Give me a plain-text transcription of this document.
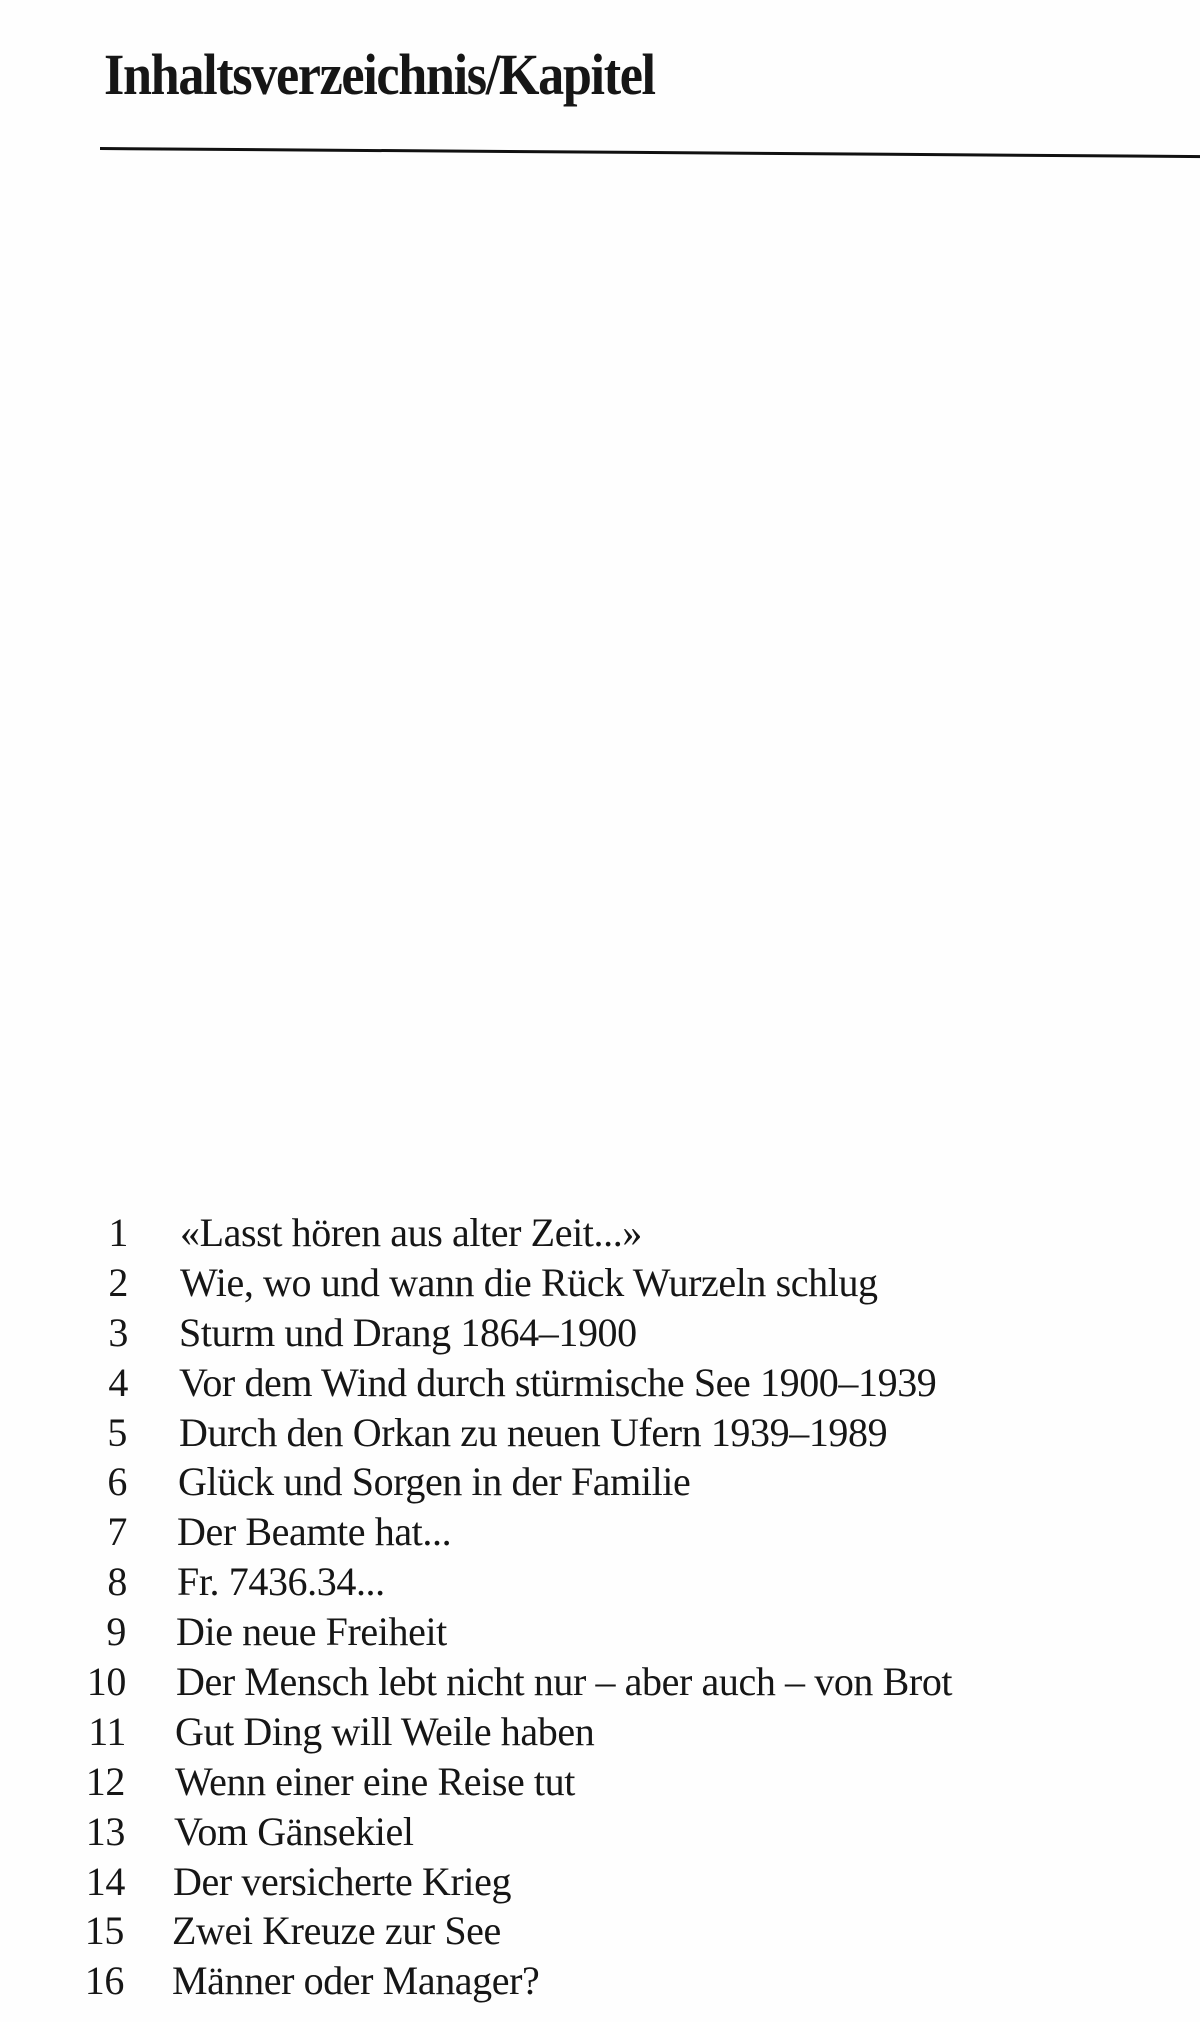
Inhaltsverzeichnis/Kapitel
1 «Lasst hören aus alter Zeit...»
2 Wie, wo und wann die Rück Wurzeln schlug
3 Sturm und Drang 1864–1900
4 Vor dem Wind durch stürmische See 1900–1939
5 Durch den Orkan zu neuen Ufern 1939–1989
6 Glück und Sorgen in der Familie
7 Der Beamte hat...
8 Fr. 7436.34...
9 Die neue Freiheit
10 Der Mensch lebt nicht nur – aber auch – von Brot
11 Gut Ding will Weile haben
12 Wenn einer eine Reise tut
13 Vom Gänsekiel
14 Der versicherte Krieg
15 Zwei Kreuze zur See
16 Männer oder Manager?
